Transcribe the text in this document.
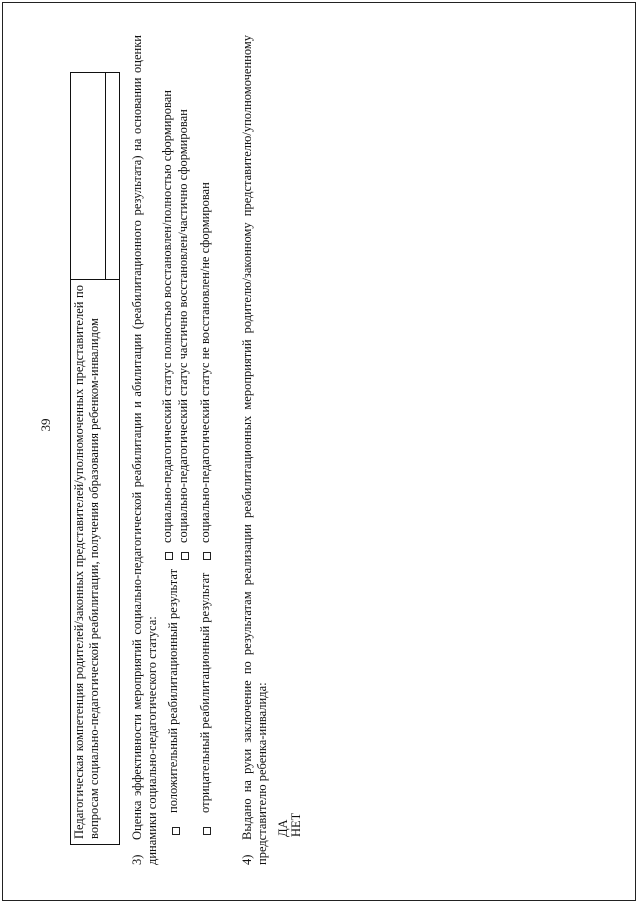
39 Педагогическая компетенция родителей/законных представителей/уполномоченных представителей по вопросам социально-педагогической реабилитации, получения образования ребенком-инвалидом
3)Оценка эффективности мероприятий социально-педагогической реабилитации и абилитации (реабилитационного результата) на основании оценки динамики социально-педагогического статуса: положительный реабилитационный результат
социально-педагогический статус полностью восстановлен/полностью сформирован социально-педагогический статус частично восстановлен/частично сформирован
отрицательный реабилитационный результат
социально-педагогический статус не восстановлен/не сформирован
4)Выдано на руки заключение по результатам реализации реабилитационных мероприятий родителю/законному представителю/уполномоченному представителю ребенка-инвалида: ДА НЕТ
